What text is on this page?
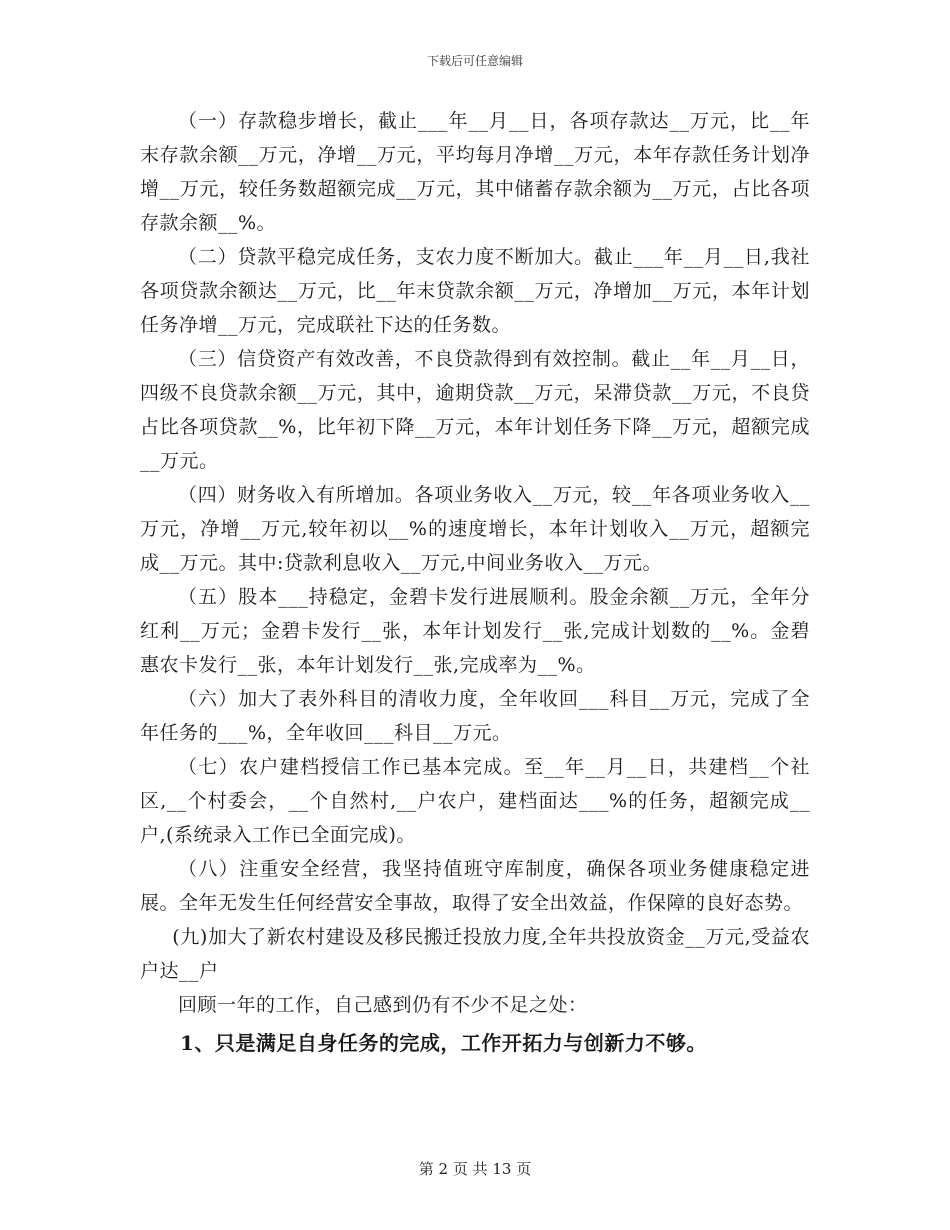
下载后可任意编辑

（一）存款稳步增长，截止___年__月__日，各项存款达__万元，比__年末存款余额__万元，净增__万元，平均每月净增__万元，本年存款任务计划净增__万元，较任务数超额完成__万元，其中储蓄存款余额为__万元，占比各项存款余额__%。

（二）贷款平稳完成任务，支农力度不断加大。截止___年__月__日,我社各项贷款余额达__万元，比__年末贷款余额__万元，净增加__万元，本年计划任务净增__万元，完成联社下达的任务数。

（三）信贷资产有效改善，不良贷款得到有效控制。截止__年__月__日，四级不良贷款余额__万元，其中，逾期贷款__万元，呆滞贷款__万元，不良贷占比各项贷款__%，比年初下降__万元，本年计划任务下降__万元，超额完成__万元。

（四）财务收入有所增加。各项业务收入__万元，较__年各项业务收入__万元，净增__万元,较年初以__%的速度增长，本年计划收入__万元，超额完成__万元。其中:贷款利息收入__万元,中间业务收入__万元。

（五）股本___持稳定，金碧卡发行进展顺利。股金余额__万元，全年分红利__万元；金碧卡发行__张，本年计划发行__张,完成计划数的__%。金碧惠农卡发行__张，本年计划发行__张,完成率为__%。

（六）加大了表外科目的清收力度，全年收回___科目__万元，完成了全年任务的___%，全年收回___科目__万元。

（七）农户建档授信工作已基本完成。至__年__月__日，共建档__个社区,__个村委会，__个自然村,__户农户，建档面达___%的任务，超额完成__户,(系统录入工作已全面完成)。

（八）注重安全经营，我坚持值班守库制度，确保各项业务健康稳定进展。全年无发生任何经营安全事故，取得了安全出效益，作保障的良好态势。

(九)加大了新农村建设及移民搬迁投放力度,全年共投放资金__万元,受益农户达__户

回顾一年的工作，自己感到仍有不少不足之处：

1、只是满足自身任务的完成，工作开拓力与创新力不够。

第 2 页 共 13 页
